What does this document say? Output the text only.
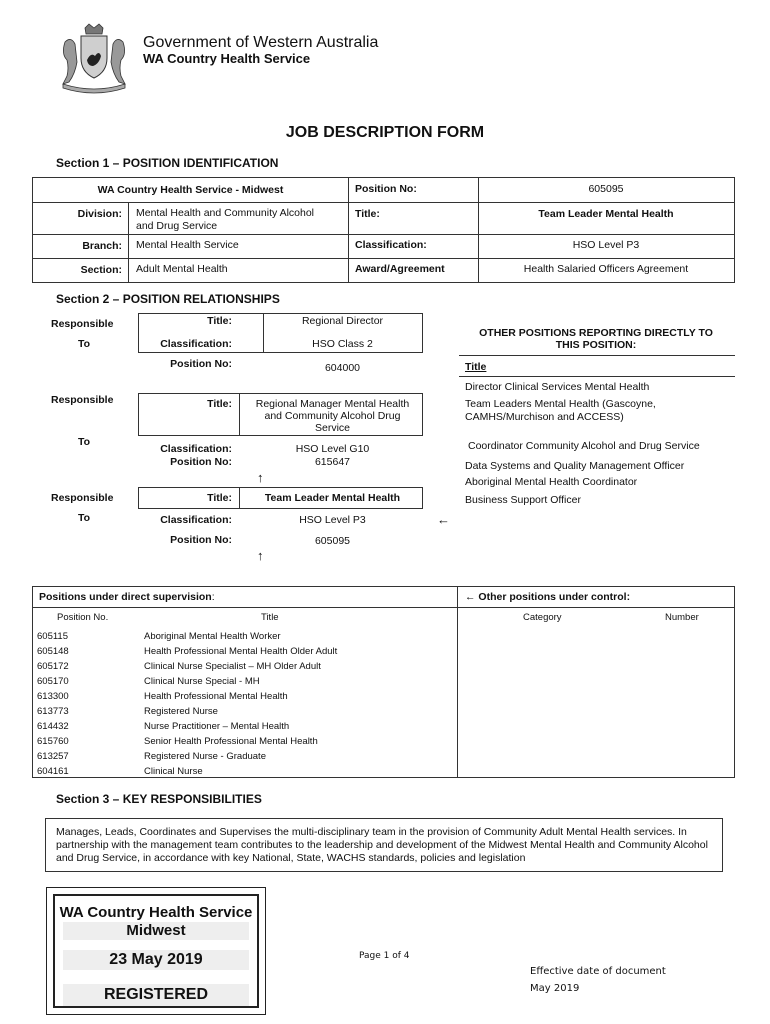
Government of Western Australia
WA Country Health Service
JOB DESCRIPTION FORM
Section 1 – POSITION IDENTIFICATION
WA Country Health Service - Midwest	Position No:	605095
Division: Mental Health and Community Alcohol
and Drug Service
Title:	Team Leader Mental Health
Branch: Mental Health Service	Classification:	HSO Level P3
Section: Adult Mental Health	Award/Agreement	Health Salaried Officers Agreement
Section 2 – POSITION RELATIONSHIPS
Responsible
To
Title:	Regional Director
Classification:	HSO Class 2
Position No:	604000
Responsible
To
Title:	Regional Manager Mental Health
and Community Alcohol Drug
Service
Classification:	HSO Level G10
Position No:	615647
↑
Responsible
To
Title:	Team Leader Mental Health
Classification:	HSO Level P3
Position No:	605095
←
↑
OTHER POSITIONS REPORTING DIRECTLY TO
THIS POSITION:
Title
Director Clinical Services Mental Health
Team Leaders Mental Health (Gascoyne,
CAMHS/Murchison and ACCESS)
Coordinator Community Alcohol and Drug Service
Data Systems and Quality Management Officer
Aboriginal Mental Health Coordinator
Business Support Officer
Positions under direct supervision:	← Other positions under control:
Position No.	Title	Category	Number
605115	Aboriginal Mental Health Worker
605148	Health Professional Mental Health Older Adult
605172	Clinical Nurse Specialist – MH Older Adult
605170	Clinical Nurse Special - MH
613300	Health Professional Mental Health
613773	Registered Nurse
614432	Nurse Practitioner – Mental Health
615760	Senior Health Professional Mental Health
613257	Registered Nurse - Graduate
604161	Clinical Nurse
Section 3 – KEY RESPONSIBILITIES
Manages, Leads, Coordinates and Supervises the multi-disciplinary team in the provision of Community Adult Mental Health services. In partnership with the management team contributes to the leadership and development of the Midwest Mental Health and Community Alcohol and Drug Service, in accordance with key National, State, WACHS standards, policies and legislation
WA Country Health Service
Midwest
23 May 2019
REGISTERED
Page 1 of 4
Effective date of document
May 2019
